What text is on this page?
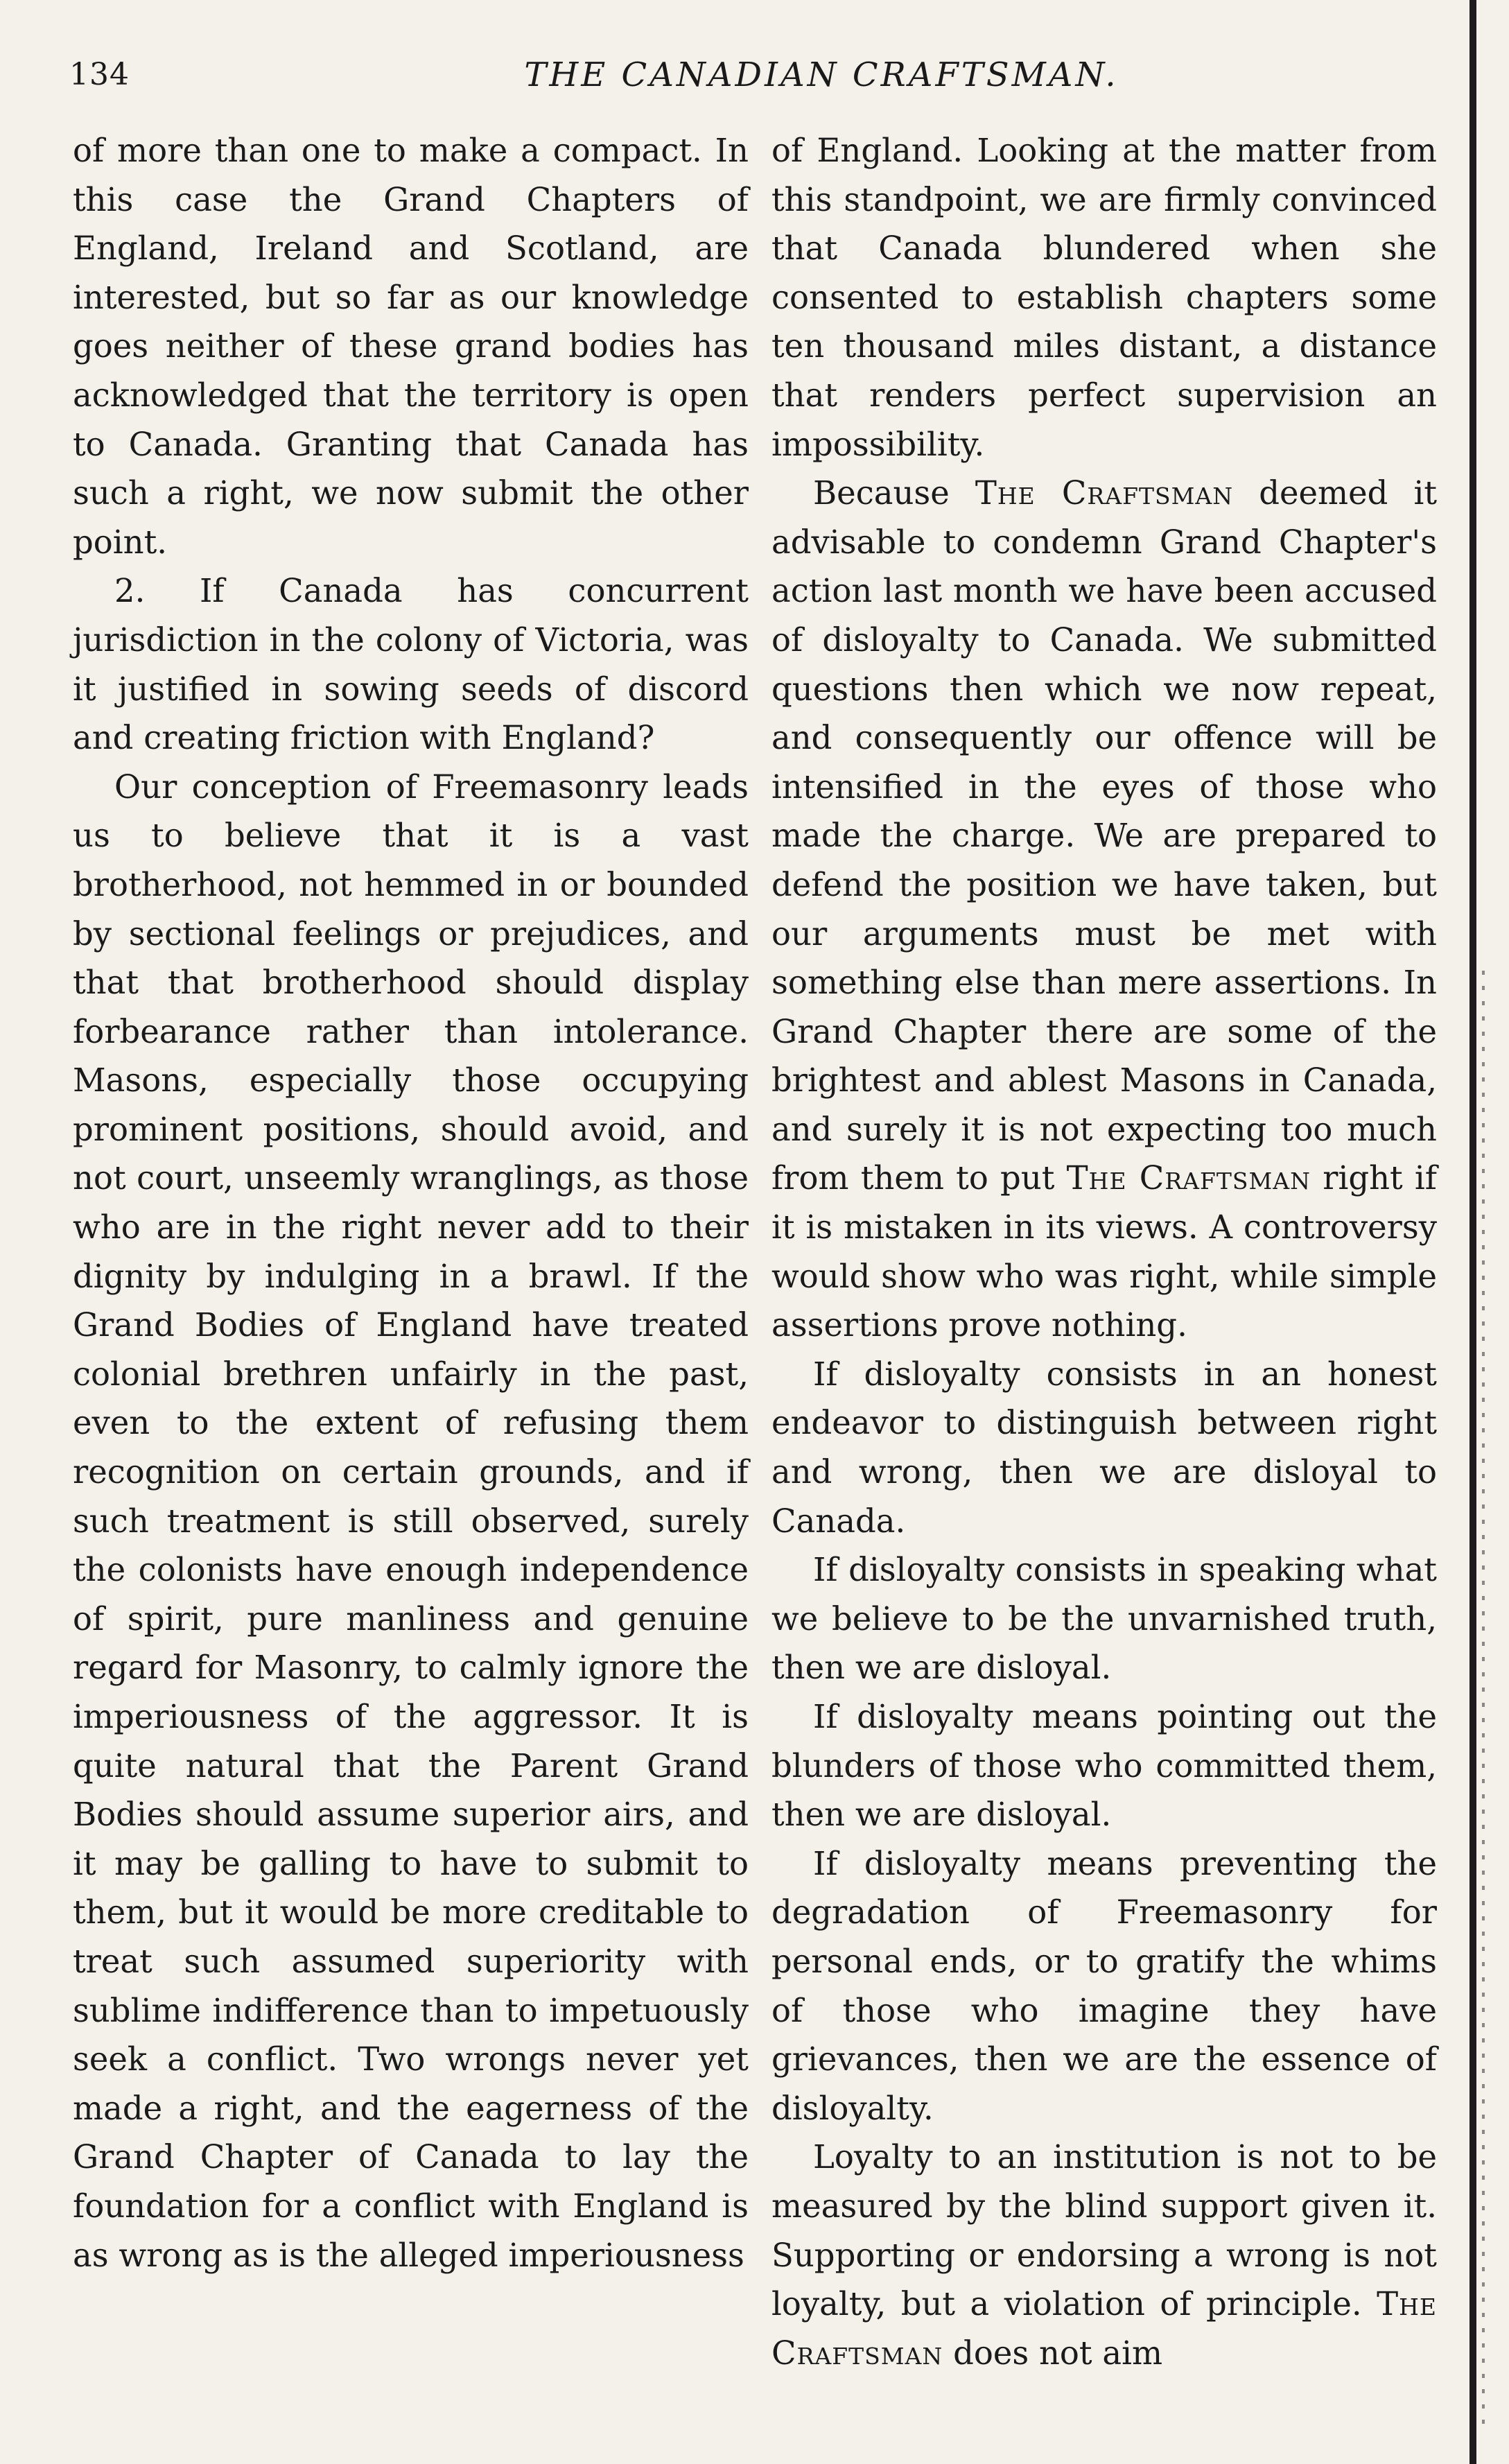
134	THE CANADIAN CRAFTSMAN.

of more than one to make a compact. In this case the Grand Chapters of England, Ireland and Scotland, are interested, but so far as our knowledge goes neither of these grand bodies has acknowledged that the territory is open to Canada. Granting that Canada has such a right, we now submit the other point.

2. If Canada has concurrent jurisdiction in the colony of Victoria, was it justified in sowing seeds of discord and creating friction with England?

Our conception of Freemasonry leads us to believe that it is a vast brotherhood, not hemmed in or bounded by sectional feelings or prejudices, and that that brotherhood should display forbearance rather than intolerance. Masons, especially those occupying prominent positions, should avoid, and not court, unseemly wranglings, as those who are in the right never add to their dignity by indulging in a brawl. If the Grand Bodies of England have treated colonial brethren unfairly in the past, even to the extent of refusing them recognition on certain grounds, and if such treatment is still observed, surely the colonists have enough independence of spirit, pure manliness and genuine regard for Masonry, to calmly ignore the imperiousness of the aggressor. It is quite natural that the Parent Grand Bodies should assume superior airs, and it may be galling to have to submit to them, but it would be more creditable to treat such assumed superiority with sublime indifference than to impetuously seek a conflict. Two wrongs never yet made a right, and the eagerness of the Grand Chapter of Canada to lay the foundation for a conflict with England is as wrong as is the alleged imperiousness

of England. Looking at the matter from this standpoint, we are firmly convinced that Canada blundered when she consented to establish chapters some ten thousand miles distant, a distance that renders perfect supervision an impossibility.

Because The Craftsman deemed it advisable to condemn Grand Chapter's action last month we have been accused of disloyalty to Canada. We submitted questions then which we now repeat, and consequently our offence will be intensified in the eyes of those who made the charge. We are prepared to defend the position we have taken, but our arguments must be met with something else than mere assertions. In Grand Chapter there are some of the brightest and ablest Masons in Canada, and surely it is not expecting too much from them to put The Craftsman right if it is mistaken in its views. A controversy would show who was right, while simple assertions prove nothing.

If disloyalty consists in an honest endeavor to distinguish between right and wrong, then we are disloyal to Canada.

If disloyalty consists in speaking what we believe to be the unvarnished truth, then we are disloyal.

If disloyalty means pointing out the blunders of those who committed them, then we are disloyal.

If disloyalty means preventing the degradation of Freemasonry for personal ends, or to gratify the whims of those who imagine they have grievances, then we are the essence of disloyalty.

Loyalty to an institution is not to be measured by the blind support given it. Supporting or endorsing a wrong is not loyalty, but a violation of principle. The Craftsman does not aim
